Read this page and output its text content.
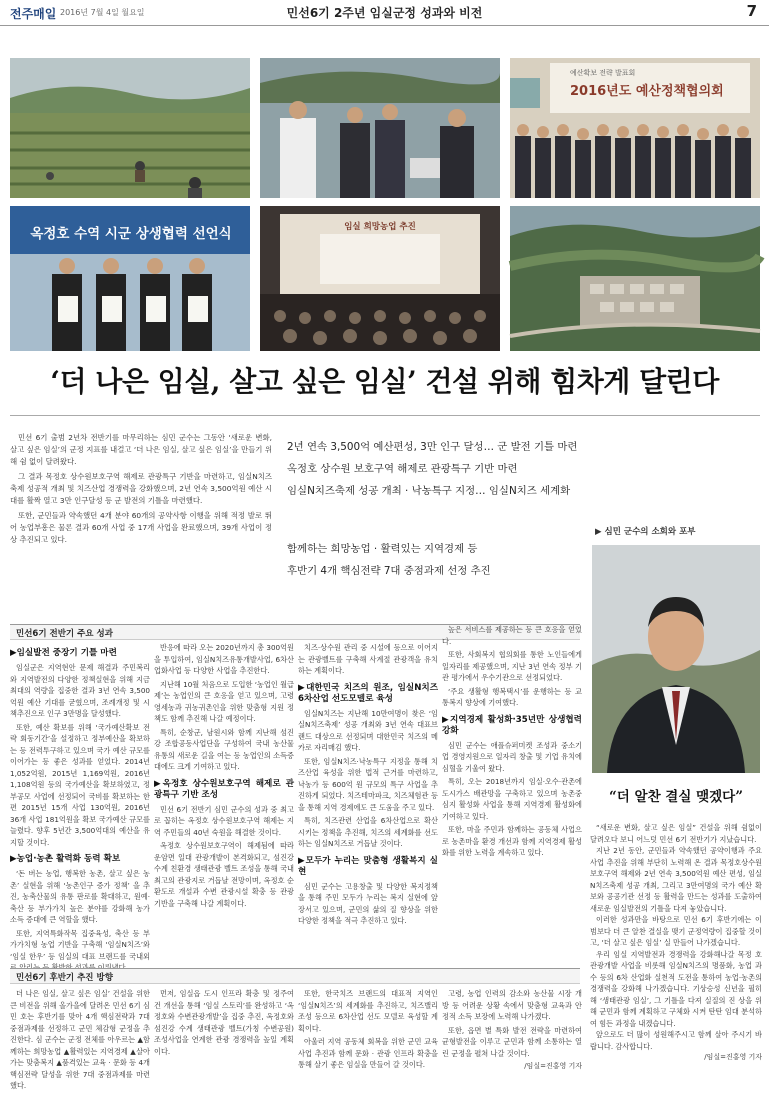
전주매일 2016년 7월 4일 월요일	민선6기 2주년 임실군정 성과와 비전	7
예산확보 전략 발표회
2016년도 예산정책협의회
옥정호 수역 시군 상생협력 선언식	임실 희망농업 추진
‘더 나은 임실, 살고 싶은 임실’ 건설 위해 힘차게 달린다

민선 6기 출범 2년차 전반기를 마무리하는 심민 군수는 그동안 ‘새로운 변화, 살고 싶은 임실’의 군정 지표를 내걸고 ‘더 나은 임실, 살고 싶은 임실’을 만들기 위해 쉼 없이 달려왔다.

그 결과 목정호 상수원보호구역 해제로 관광특구 기반을 마련하고, 임실N치즈 축제 성공적 개최 및 치즈산업 경쟁력을 강화했으며, 2년 연속 3,500억원 예산 시대를 활짝 열고 3만 인구달성 등 군 발전의 기틀을 마련했다.

또한, 군민들과 약속했던 4개 분야 60개의 공약사항 이행을 위해 적정 발로 뛰어 농업부흥은 물론 결과 60개 사업 중 17개 사업을 완료했으며, 39개 사업이 정상 추진되고 있다.

2년 연속 3,500억 예산편성, 3만 인구 달성… 군 발전 기틀 마련
옥정호 상수원 보호구역 해제로 관광특구 기반 마련
임실N치즈축제 성공 개최 · 낙농특구 지정… 임실N치즈 세계화
함께하는 희망농업 · 활력있는 지역경제 등
후반기 4개 핵심전략 7대 중점과제 선정 추진
▶ 심민 군수의 소회와 포부
“더 알찬 결실 맺겠다”

“새로운 변화, 살고 싶은 임실” 건설을 위해 쉼없이 달려오다 보니 어느덧 민선 6기 전반기가 지났습니다.

지난 2년 동안, 군민들과 약속했던 공약이행과 주요 사업 추진을 위해 부단히 노력해 온 결과 목정호상수원보호구역 해제와 2년 연속 3,500억원 예산 편성, 임실N치즈축제 성공 개최, 그리고 3만여명의 국가 예산 확보와 공공기관 선정 등 활력을 만드는 성과를 도출하여 새로운 임실발전의 기틀을 다져 놓았습니다.

이러한 성과만을 바탕으로 민선 6기 후반기에는 이 범보다 더 큰 알찬 결실을 맺기 군정역량이 집중할 것이고, ‘더 살고 싶은 임실’ 실 만들어 나가겠습니다.

우리 임실 지역발전과 경쟁력을 강화해나갈 목정 호관광개발 사업을 비롯해 임실N치즈의 명품화, 농업 과수 등의 6차 산업화 실천적 도전을 통하여 농업·농촌의 경쟁력을 강화해 나가겠습니다. 기상승성 신년을 필히 해 ‘생태관광 임실’, 그 기틀을 다져 실질의 진 상을 위해 군민과 함께 계획하고 구체화 시켜 탄탄 임대 분석하여 힘든 과정을 내겠습니다.

앞으로도 더 많이 성원해주시고 함께 살아 주시기 바랍니다. 감사합니다.

/임실=진홍영 기자
민선6기 전반기 주요 성과
▶임실발전 중장기 기틀 마련

임실군은 지역현안 문제 해결과 주민복리와 지역발전의 다양한 정책실현을 위해 지금 최대의 역량을 집중한 결과 3년 연속 3,500억원 예산 기대를 굳혔으며, 조례개정 및 시책추진으로 인구 3만명을 달성했다.

또한, 예산 확보를 위해 ‘국가예산확보 전략 회동기간’을 설정하고 정부예산을 확보하는 등 전력투구하고 있으며 국가 예산 규모를 이어가는 등 좋은 성과를 얻었다. 2014년 1,052억원, 2015년 1,169억원, 2016년 1,108억원 등의 국가예산을 확보하였고, 정부공모 사업에 선정되어 국비를 확보하는 한편 2015년 15개 사업 130억원, 2016년 36개 사업 181억원을 확보 국가예산 규모를 늘렸다. 향후 5년간 3,500억대의 예산을 유지할 것이다.

▶농업·농촌 활력화 동력 확보

‘돈 버는 농업, 행복한 농촌, 살고 싶은 농촌’ 실현을 위해 ‘농촌인구 증가 정책’ 을 추진, 농축산물의 유통 판로를 확대하고, 원예·축산 등 부가가치 높은 분야를 강화해 농가 소득 증대에 큰 역할을 했다.

또한, 지역특화작목 집중육성, 축산 등 부가가치형 농업 기반을 구축해 ‘임실N치즈’와 ‘임실 한우’ 등 임실의 대표 브랜드를 국내외

반응에 따라 오는 2020년까지 총 300억원을 투입하여, 임실N치즈유통개발사업, 6차산업화사업 등 다양한 사업을 추진한다.

지난해 10월 처음으로 도입한 ‘농업인 월급제’는 농업인의 큰 호응을 얻고 있으며, 고령 영세농과 귀농귀촌인을 위한 맞춤형 지원 정책도 함께 추진해 나갈 예정이다.

특히, 순창군, 남원시와 함께 지난해 섬진강 조합공동사업단을 구성하여 국내 농산물 유통의 새로운 길을 여는 등 농업인의 소득증대에도 크게 기여하고 있다.

▶옥정호 상수원보호구역 해제로 관광특구 기반 조성

민선 6기 전반기 심민 군수의 성과 중 최고로 꼽히는 옥정호 상수원보호구역 해제는 지역 주민들의 40년 숙원을 해결한 것이다.

옥정호 상수원보호구역이 해제됨에 따라 운암면 일대 관광개발이 본격화되고, 섬진강 수계 친환경 생태관광 벨트 조성을 통해 국내 최고의 관광지로 거듭날 전망이며, 옥정호 순환도로 개설과 수변 관광시설 확충 등 관광 기반을 구축해 나갈 계획이다.

치즈·상수원 관리 중 시설에 등으로 이어지는 관광벨트를 구축해 사계절 관광객을 유치하는 계획이다.

▶대한민국 치즈의 원조, 임실N치즈 6차산업 선도모델로 육성

임실N치즈는 지난해 10만여명이 찾은 ‘임실N치즈축제’ 성공 개최와 3년 연속 대표브랜드 대상으로 선정되며 대한민국 치즈의 메카로 자리매김 했다.

또한, 임실N치즈·낙농특구 지정을 통해 치즈산업 육성을 위한 법적 근거를 마련하고, 낙농가 등 600억 원 규모의 특구 사업을 추진하게 되었다. 치즈테마파크, 치즈체험관 등을 통해 지역 경제에도 큰 도움을 주고 있다.

특히, 치즈관련 산업을 6차산업으로 확산시키는 정책을 추진해, 치즈의 세계화를 선도하는 임실N치즈로 거듭날 것이다.

▶모두가 누리는 맞춤형 생활복지 실현

심민 군수는 고용창출 및 다양한 복지정책을 통해 주민 모두가 누리는 복지 실현에 앞장서고 있으며, 군민의 삶의 질 향상을 위한 다양한 정책을 적극 추진하고 있다.

높은 서비스를 제공하는 등 큰 호응을 얻었다.

또한, 사회복지 협의회를 통한 노인들에게 일자리를 제공했으며, 지난 3년 연속 정부 기관 평가에서 우수기관으로 선정되었다.

‘주요 생활형 행복택시’를 운행하는 등 교통복지 향상에 기여했다.

▶지역경제 활성화·35년만 상생협력 강화

심민 군수는 애플슈퍼미켓 조성과 중소기업 경영지원으로 일자리 창출 및 기업 유치에 심혈을 기울여 왔다.

특히, 오는 2018년까지 임실·오수·관촌에 도시가스 배관망을 구축하고 있으며 농촌중심지 활성화 사업을 통해 지역경제 활성화에 기여하고 있다.

또한, 마을 주민과 함께하는 공동체 사업으로 농촌마을 환경 개선과 함께 지역경제 활성화를 위한 노력을 계속하고 있다.

민선6기 후반기 추진 방향

더 나은 임실, 살고 싶은 임실’ 건설을 위한 큰 비전을 위해 올가을에 달려온 민선 6기 심민 호는 후반기를 맞아 4개 핵심전략과 7대 중점과제를 선정하고 군민 체감형 군정을 추진한다. 심 군수는 군정 전체를 아우르는 ▲함께하는 희망농업 ▲활력있는 지역경제 ▲살아가는 맞춤복지 ▲품격있는 교육 · 문화 등 4개 핵심전략 달성을 위한 7대 중점과제를 마련했다.

먼저, 임실읍 도시 인프라 확충 및 정주여건 개선을 통해 ‘임실 스토리’를 완성하고 ‘옥정호와 수변관광개발’을 집중 추진, 옥정호와 섬진강 수계 생태관광 벨트(가칭 수변공원) 조성사업을 연계한 관광 경쟁력을 높일 계획이다.

또한, 한국치즈 브랜드의 대표적 지역인 ‘임실N치즈’의 세계화를 추진하고, 치즈밸리 조성 등으로 6차산업 선도 모델로 육성할 계획이다.

아울러 지역 공동체 회복을 위한 군민 교육 사업 추진과 함께 문화 · 관광 인프라 확충을 통해 살기 좋은 임실을 만들어 갈 것이다.

고령, 농업 인력의 감소와 농산물 시장 개방 등 어려운 상황 속에서 맞춤형 교육과 안정적 소득 보장에 노력해 나가겠다.

또한, 읍면 별 특화 발전 전략을 마련하여 균형발전을 이루고 군민과 함께 소통하는 열린 군정을 펼쳐 나갈 것이다.

/임실=진홍영 기자
